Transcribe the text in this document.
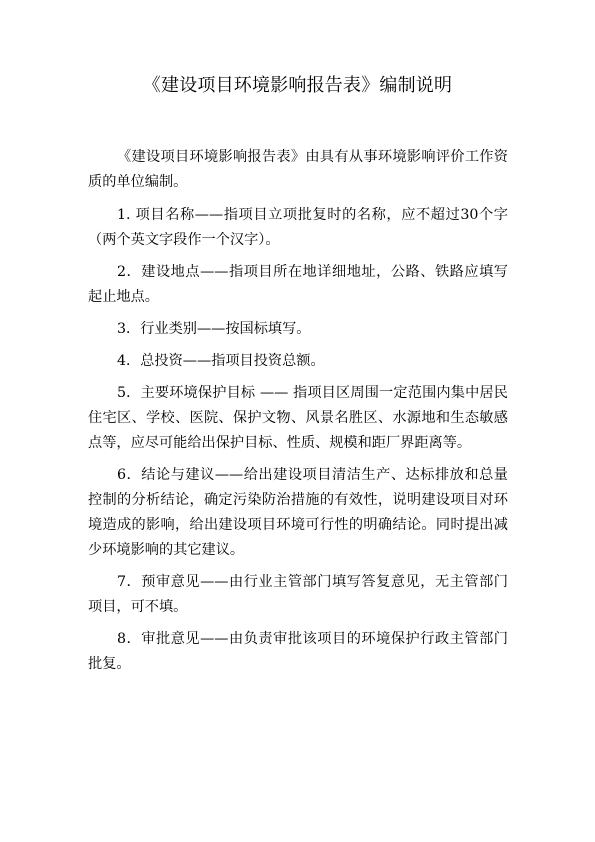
《建设项目环境影响报告表》编制说明

《建设项目环境影响报告表》由具有从事环境影响评价工作资质的单位编制。

1. 项目名称——指项目立项批复时的名称，应不超过30个字（两个英文字段作一个汉字）。

2．建设地点——指项目所在地详细地址，公路、铁路应填写起止地点。

3．行业类别——按国标填写。

4．总投资——指项目投资总额。

5．主要环境保护目标 —— 指项目区周围一定范围内集中居民住宅区、学校、医院、保护文物、风景名胜区、水源地和生态敏感点等，应尽可能给出保护目标、性质、规模和距厂界距离等。

6．结论与建议——给出建设项目清洁生产、达标排放和总量控制的分析结论，确定污染防治措施的有效性，说明建设项目对环境造成的影响，给出建设项目环境可行性的明确结论。同时提出减少环境影响的其它建议。

7．预审意见——由行业主管部门填写答复意见，无主管部门项目，可不填。

8．审批意见——由负责审批该项目的环境保护行政主管部门批复。
